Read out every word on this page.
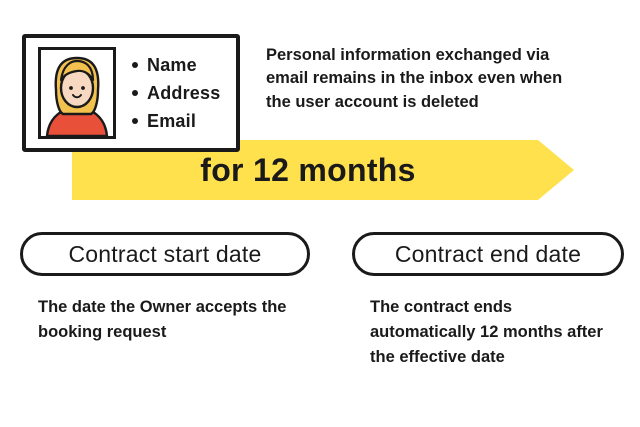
Name
Address
Email
Personal information exchanged via email remains in the inbox even when the user account is deleted
for 12 months
Contract start date	Contract end date
The date the Owner accepts the booking request
The contract ends automatically 12 months after the effective date
